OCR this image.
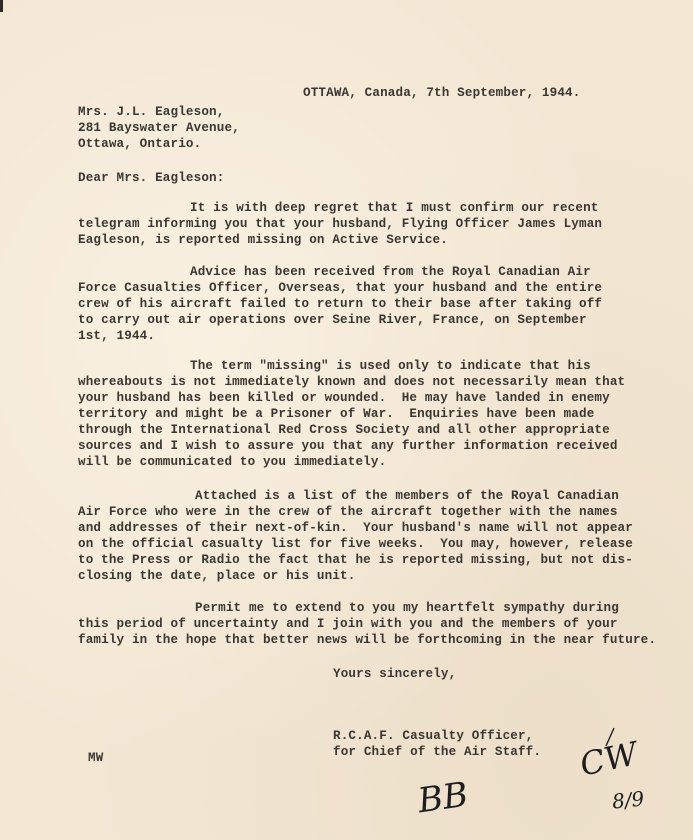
OTTAWA, Canada, 7th September, 1944.
Mrs. J.L. Eagleson,
281 Bayswater Avenue,
Ottawa, Ontario.
Dear Mrs. Eagleson:
It is with deep regret that I must confirm our recent
telegram informing you that your husband, Flying Officer James Lyman
Eagleson, is reported missing on Active Service.
Advice has been received from the Royal Canadian Air
Force Casualties Officer, Overseas, that your husband and the entire
crew of his aircraft failed to return to their base after taking off
to carry out air operations over Seine River, France, on September
1st, 1944.
The term "missing" is used only to indicate that his
whereabouts is not immediately known and does not necessarily mean that
your husband has been killed or wounded.  He may have landed in enemy
territory and might be a Prisoner of War.  Enquiries have been made
through the International Red Cross Society and all other appropriate
sources and I wish to assure you that any further information received
will be communicated to you immediately.
Attached is a list of the members of the Royal Canadian
Air Force who were in the crew of the aircraft together with the names
and addresses of their next-of-kin.  Your husband's name will not appear
on the official casualty list for five weeks.  You may, however, release
to the Press or Radio the fact that he is reported missing, but not dis-
closing the date, place or his unit.
Permit me to extend to you my heartfelt sympathy during
this period of uncertainty and I join with you and the members of your
family in the hope that better news will be forthcoming in the near future.
Yours sincerely,
R.C.A.F. Casualty Officer,
for Chief of the Air Staff.
MW
BB
CW
8/9
